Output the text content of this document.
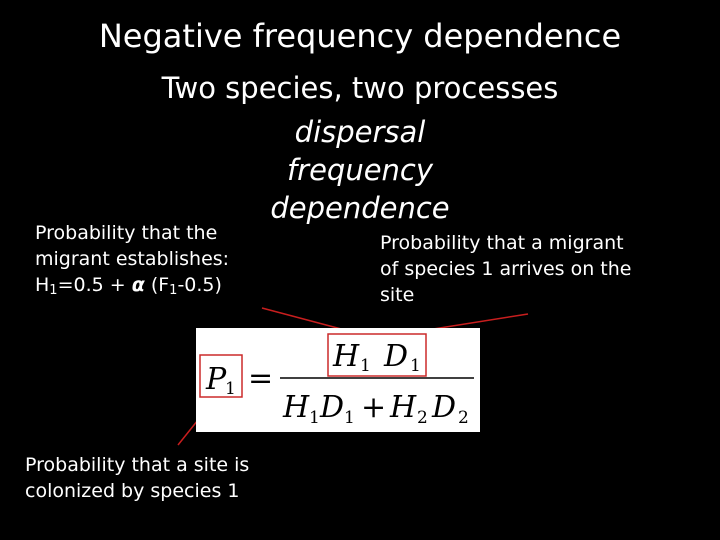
Negative frequency dependence
Two species, two processes
dispersal
frequency
dependence
Probability that the
migrant establishes:
$H_1=0.5 + \alpha$ $(F_1-0.5)$
Probability that a migrant
of species 1 arrives on the
site
Probability that a site is
colonized by species 1
P
1 =
H 1 D 1
H 1 D 1 + H 2 D 2
